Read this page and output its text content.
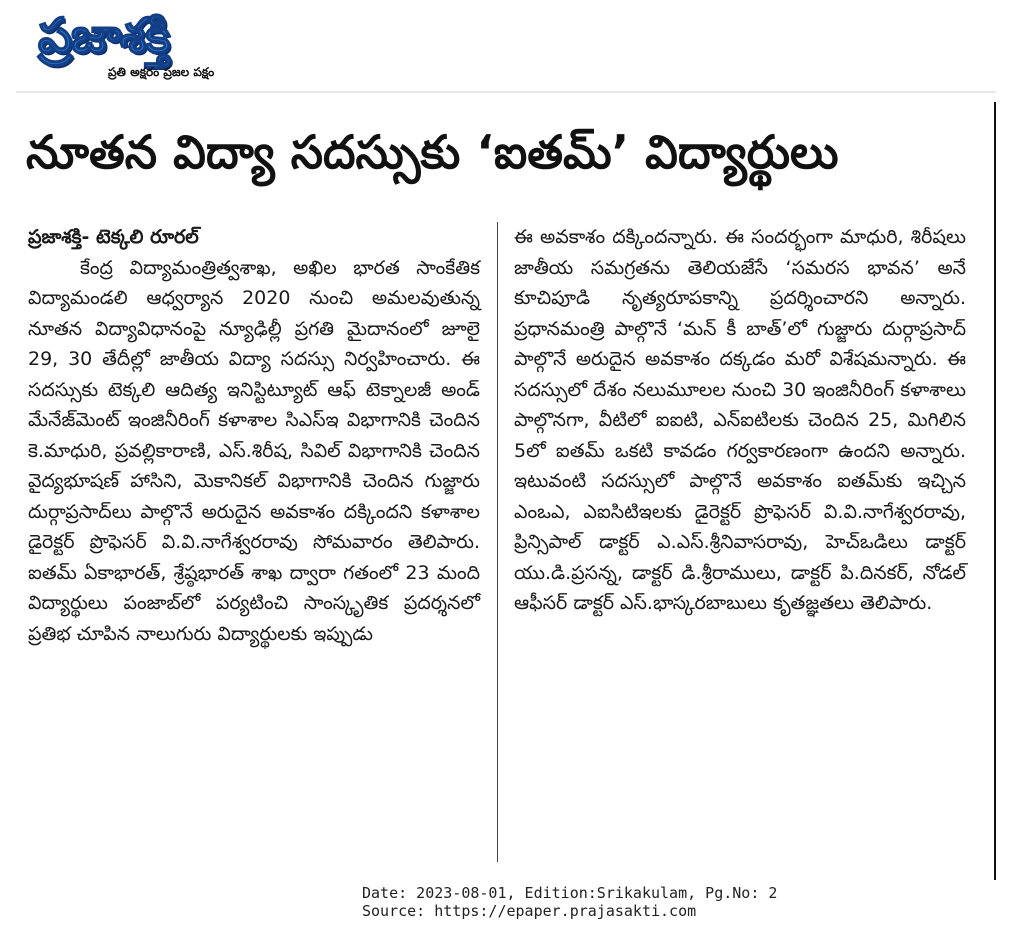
ప్రజాశక్తి
ప్రతి అక్షరం ప్రజల పక్షం
నూతన విద్యా సదస్సుకు ‘ఐతమ్’ విద్యార్థులు
ప్రజాశక్తి- టెక్కలి రూరల్

కేంద్ర విద్యామంత్రిత్వశాఖ, అఖిల భారత సాంకేతిక విద్యామండలి ఆధ్వర్యాన 2020 నుంచి అమలవుతున్న నూతన విద్యావిధానంపై న్యూఢిల్లీ ప్రగతి మైదానంలో జూలై 29, 30 తేదీల్లో జాతీయ విద్యా సదస్సు నిర్వహించారు. ఈ సదస్సుకు టెక్కలి ఆదిత్య ఇనిస్టిట్యూట్ ఆఫ్ టెక్నాలజీ అండ్ మేనేజ్‌మెంట్ ఇంజినీరింగ్ కళాశాల సిఎస్ఇ విభాగానికి చెందిన కె.మాధురి, ప్రవల్లికారాణి, ఎస్.శిరీష, సివిల్ విభాగానికి చెందిన వైద్యభూషణ్ హాసిని, మెకానికల్ విభాగానికి చెందిన గుజ్జారు దుర్గాప్రసాద్‌లు పాల్గొనే అరుదైన అవకాశం దక్కిందని కళాశాల డైరెక్టర్ ప్రొఫెసర్ వి.వి.నాగేశ్వరరావు సోమవారం తెలిపారు. ఐతమ్ ఏకాభారత్, శ్రేష్ఠభారత్ శాఖ ద్వారా గతంలో 23 మంది విద్యార్థులు పంజాబ్‌లో పర్యటించి సాంస్కృతిక ప్రదర్శనలో ప్రతిభ చూపిన నాలుగురు విద్యార్థులకు ఇప్పుడు

ఈ అవకాశం దక్కిందన్నారు. ఈ సందర్భంగా మాధురి, శిరీషలు జాతీయ సమగ్రతను తెలియజేసే ‘సమరస భావన’ అనే కూచిపూడి నృత్యరూపకాన్ని ప్రదర్శించారని అన్నారు. ప్రధానమంత్రి పాల్గొనే ‘మన్ కీ బాత్’లో గుజ్జారు దుర్గాప్రసాద్ పాల్గొనే అరుదైన అవకాశం దక్కడం మరో విశేషమన్నారు. ఈ సదస్సులో దేశం నలుమూలల నుంచి 30 ఇంజినీరింగ్ కళాశాలు పాల్గొనగా, వీటిలో ఐఐటి, ఎన్ఐటిలకు చెందిన 25, మిగిలిన 5లో ఐతమ్ ఒకటి కావడం గర్వకారణంగా ఉందని అన్నారు. ఇటువంటి సదస్సులో పాల్గొనే అవకాశం ఐతమ్‌కు ఇచ్చిన ఎంఒఎ, ఎఐసిటిఇలకు డైరెక్టర్ ప్రొఫెసర్ వి.వి.నాగేశ్వరరావు, ప్రిన్సిపాల్ డాక్టర్ ఎ.ఎస్.శ్రీనివాసరావు, హెచ్ఒడిలు డాక్టర్ యు.డి.ప్రసన్న, డాక్టర్ డి.శ్రీరాములు, డాక్టర్ పి.దినకర్, నోడల్ ఆఫీసర్ డాక్టర్ ఎస్.భాస్కరబాబులు కృతజ్ఞతలు తెలిపారు.

Date: 2023-08-01, Edition:Srikakulam, Pg.No: 2
Source: https://epaper.prajasakti.com
